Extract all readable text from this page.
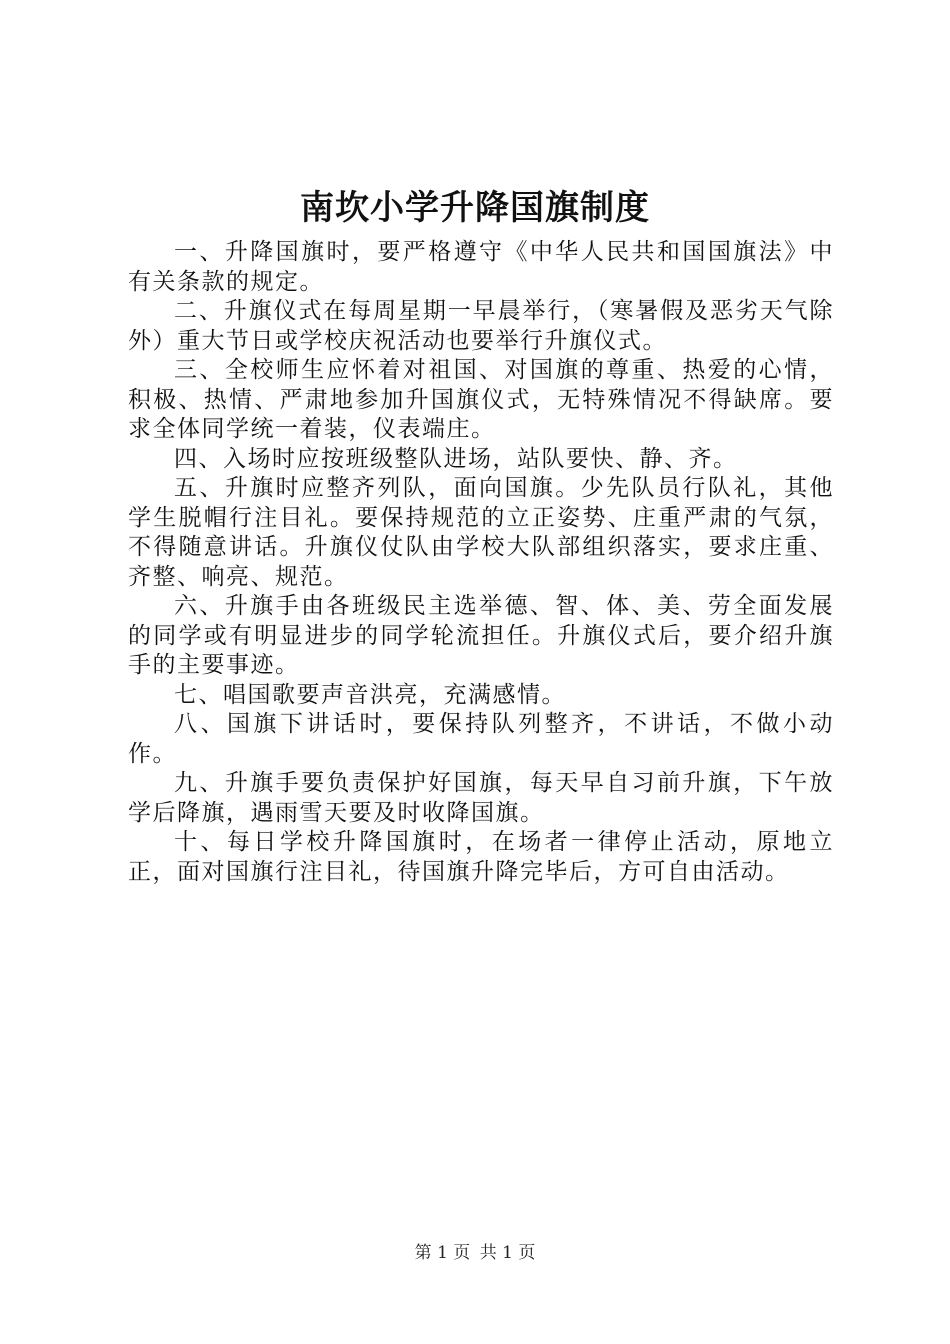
南坎小学升降国旗制度

一、升降国旗时，要严格遵守《中华人民共和国国旗法》中有关条款的规定。

二、升旗仪式在每周星期一早晨举行，（寒暑假及恶劣天气除外）重大节日或学校庆祝活动也要举行升旗仪式。

三、全校师生应怀着对祖国、对国旗的尊重、热爱的心情，积极、热情、严肃地参加升国旗仪式，无特殊情况不得缺席。要求全体同学统一着装，仪表端庄。

四、入场时应按班级整队进场，站队要快、静、齐。

五、升旗时应整齐列队，面向国旗。少先队员行队礼，其他学生脱帽行注目礼。要保持规范的立正姿势、庄重严肃的气氛，不得随意讲话。升旗仪仗队由学校大队部组织落实，要求庄重、齐整、响亮、规范。

六、升旗手由各班级民主选举德、智、体、美、劳全面发展的同学或有明显进步的同学轮流担任。升旗仪式后，要介绍升旗手的主要事迹。

七、唱国歌要声音洪亮，充满感情。

八、国旗下讲话时，要保持队列整齐，不讲话，不做小动作。

九、升旗手要负责保护好国旗，每天早自习前升旗，下午放学后降旗，遇雨雪天要及时收降国旗。

十、每日学校升降国旗时，在场者一律停止活动，原地立正，面对国旗行注目礼，待国旗升降完毕后，方可自由活动。

第 1 页 共 1 页
